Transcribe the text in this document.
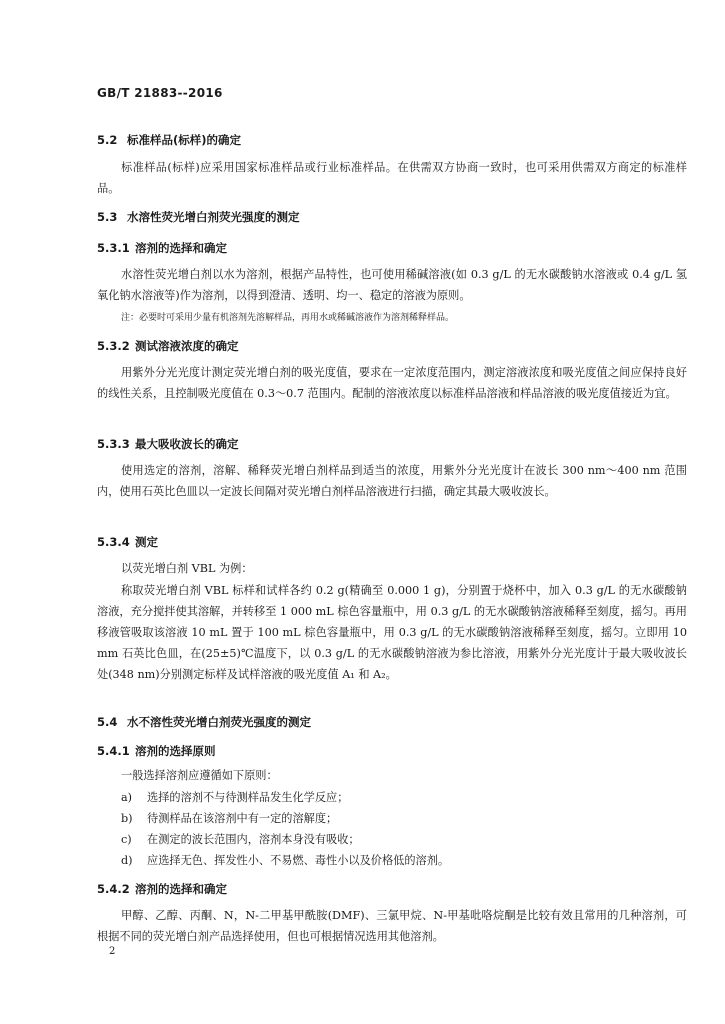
GB/T 21883--2016
5.2 标准样品(标样)的确定

标准样品(标样)应采用国家标准样品或行业标准样品。在供需双方协商一致时，也可采用供需双方商定的标准样品。

5.3 水溶性荧光增白剂荧光强度的测定
5.3.1 溶剂的选择和确定

水溶性荧光增白剂以水为溶剂，根据产品特性，也可使用稀碱溶液(如 0.3 g/L 的无水碳酸钠水溶液或 0.4 g/L 氢氧化钠水溶液等)作为溶剂，以得到澄清、透明、均一、稳定的溶液为原则。

注：必要时可采用少量有机溶剂先溶解样品，再用水或稀碱溶液作为溶剂稀释样品。
5.3.2 测试溶液浓度的确定

用紫外分光光度计测定荧光增白剂的吸光度值，要求在一定浓度范围内，测定溶液浓度和吸光度值之间应保持良好的线性关系，且控制吸光度值在 0.3～0.7 范围内。配制的溶液浓度以标准样品溶液和样品溶液的吸光度值接近为宜。

5.3.3 最大吸收波长的确定

使用选定的溶剂，溶解、稀释荧光增白剂样品到适当的浓度，用紫外分光光度计在波长 300 nm～400 nm 范围内，使用石英比色皿以一定波长间隔对荧光增白剂样品溶液进行扫描，确定其最大吸收波长。

5.3.4 测定
以荧光增白剂 VBL 为例：

称取荧光增白剂 VBL 标样和试样各约 0.2 g(精确至 0.000 1 g)，分别置于烧杯中，加入 0.3 g/L 的无水碳酸钠溶液，充分搅拌使其溶解，并转移至 1 000 mL 棕色容量瓶中，用 0.3 g/L 的无水碳酸钠溶液稀释至刻度，摇匀。再用移液管吸取该溶液 10 mL 置于 100 mL 棕色容量瓶中，用 0.3 g/L 的无水碳酸钠溶液稀释至刻度，摇匀。立即用 10 mm 石英比色皿，在(25±5)℃温度下，以 0.3 g/L 的无水碳酸钠溶液为参比溶液，用紫外分光光度计于最大吸收波长处(348 nm)分别测定标样及试样溶液的吸光度值 A₁ 和 A₂。

5.4 水不溶性荧光增白剂荧光强度的测定
5.4.1 溶剂的选择原则
一般选择溶剂应遵循如下原则：
a) 选择的溶剂不与待测样品发生化学反应；
b) 待测样品在该溶剂中有一定的溶解度；
c) 在测定的波长范围内，溶剂本身没有吸收；
d) 应选择无色、挥发性小、不易燃、毒性小以及价格低的溶剂。
5.4.2 溶剂的选择和确定

甲醇、乙醇、丙酮、N，N-二甲基甲酰胺(DMF)、三氯甲烷、N-甲基吡咯烷酮是比较有效且常用的几种溶剂，可根据不同的荧光增白剂产品选择使用，但也可根据情况选用其他溶剂。

2
